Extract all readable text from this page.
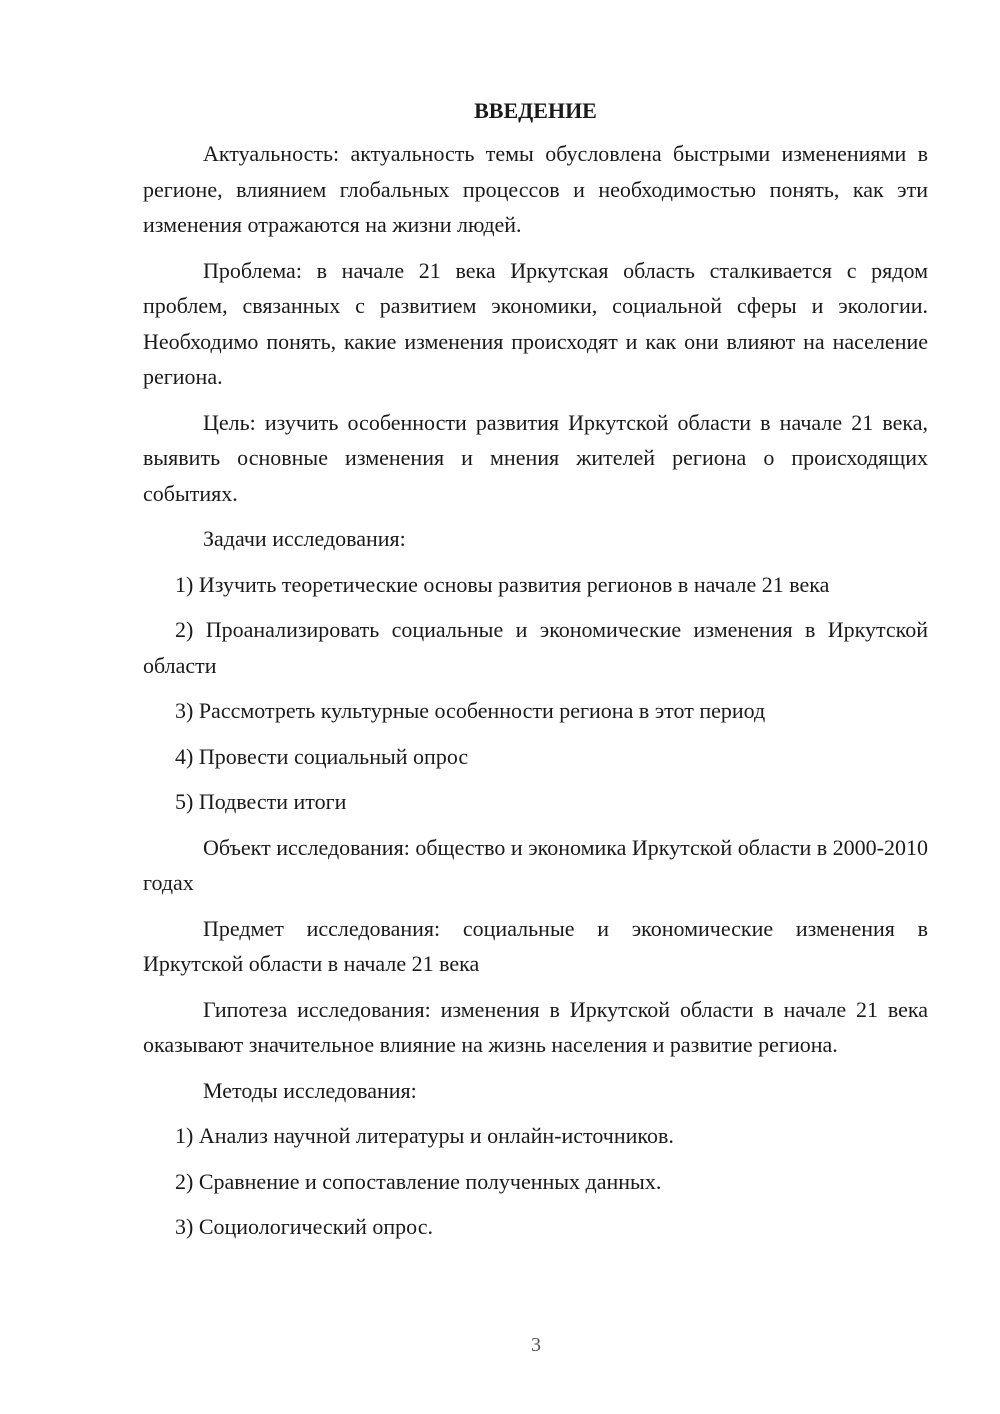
ВВЕДЕНИЕ
Актуальность: актуальность темы обусловлена быстрыми изменениями в регионе, влиянием глобальных процессов и необходимостью понять, как эти изменения отражаются на жизни людей.
Проблема: в начале 21 века Иркутская область сталкивается с рядом проблем, связанных с развитием экономики, социальной сферы и экологии. Необходимо понять, какие изменения происходят и как они влияют на население региона.
Цель: изучить особенности развития Иркутской области в начале 21 века, выявить основные изменения и мнения жителей региона о происходящих событиях.
Задачи исследования:
1) Изучить теоретические основы развития регионов в начале 21 века
2) Проанализировать социальные и экономические изменения в Иркутской области
3) Рассмотреть культурные особенности региона в этот период
4) Провести социальный опрос
5) Подвести итоги
Объект исследования: общество и экономика Иркутской области в 2000-2010 годах
Предмет исследования: социальные и экономические изменения в Иркутской области в начале 21 века
Гипотеза исследования: изменения в Иркутской области в начале 21 века оказывают значительное влияние на жизнь населения и развитие региона.
Методы исследования:
1) Анализ научной литературы и онлайн-источников.
2) Сравнение и сопоставление полученных данных.
3) Социологический опрос.
3
